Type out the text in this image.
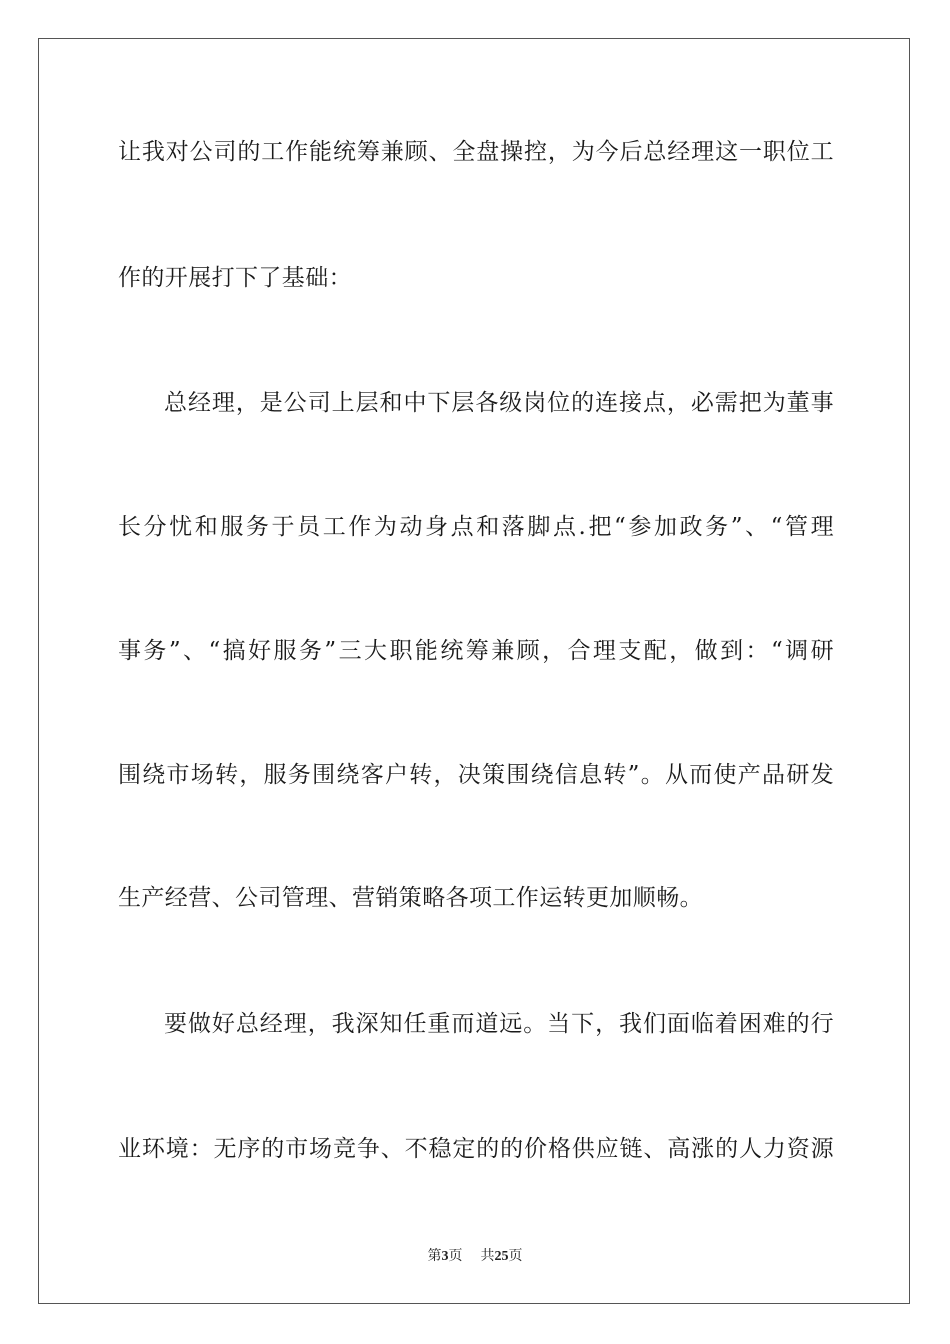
让我对公司的工作能统筹兼顾、全盘操控，为今后总经理这一职位工
作的开展打下了基础：
总经理，是公司上层和中下层各级岗位的连接点，必需把为董事
长分忧和服务于员工作为动身点和落脚点.把“参加政务”、“管理
事务”、“搞好服务”三大职能统筹兼顾，合理支配，做到：“调研
围绕市场转，服务围绕客户转，决策围绕信息转”。从而使产品研发
生产经营、公司管理、营销策略各项工作运转更加顺畅。
要做好总经理，我深知任重而道远。当下，我们面临着困难的行
业环境：无序的市场竞争、不稳定的的价格供应链、高涨的人力资源
第3页 共25页
